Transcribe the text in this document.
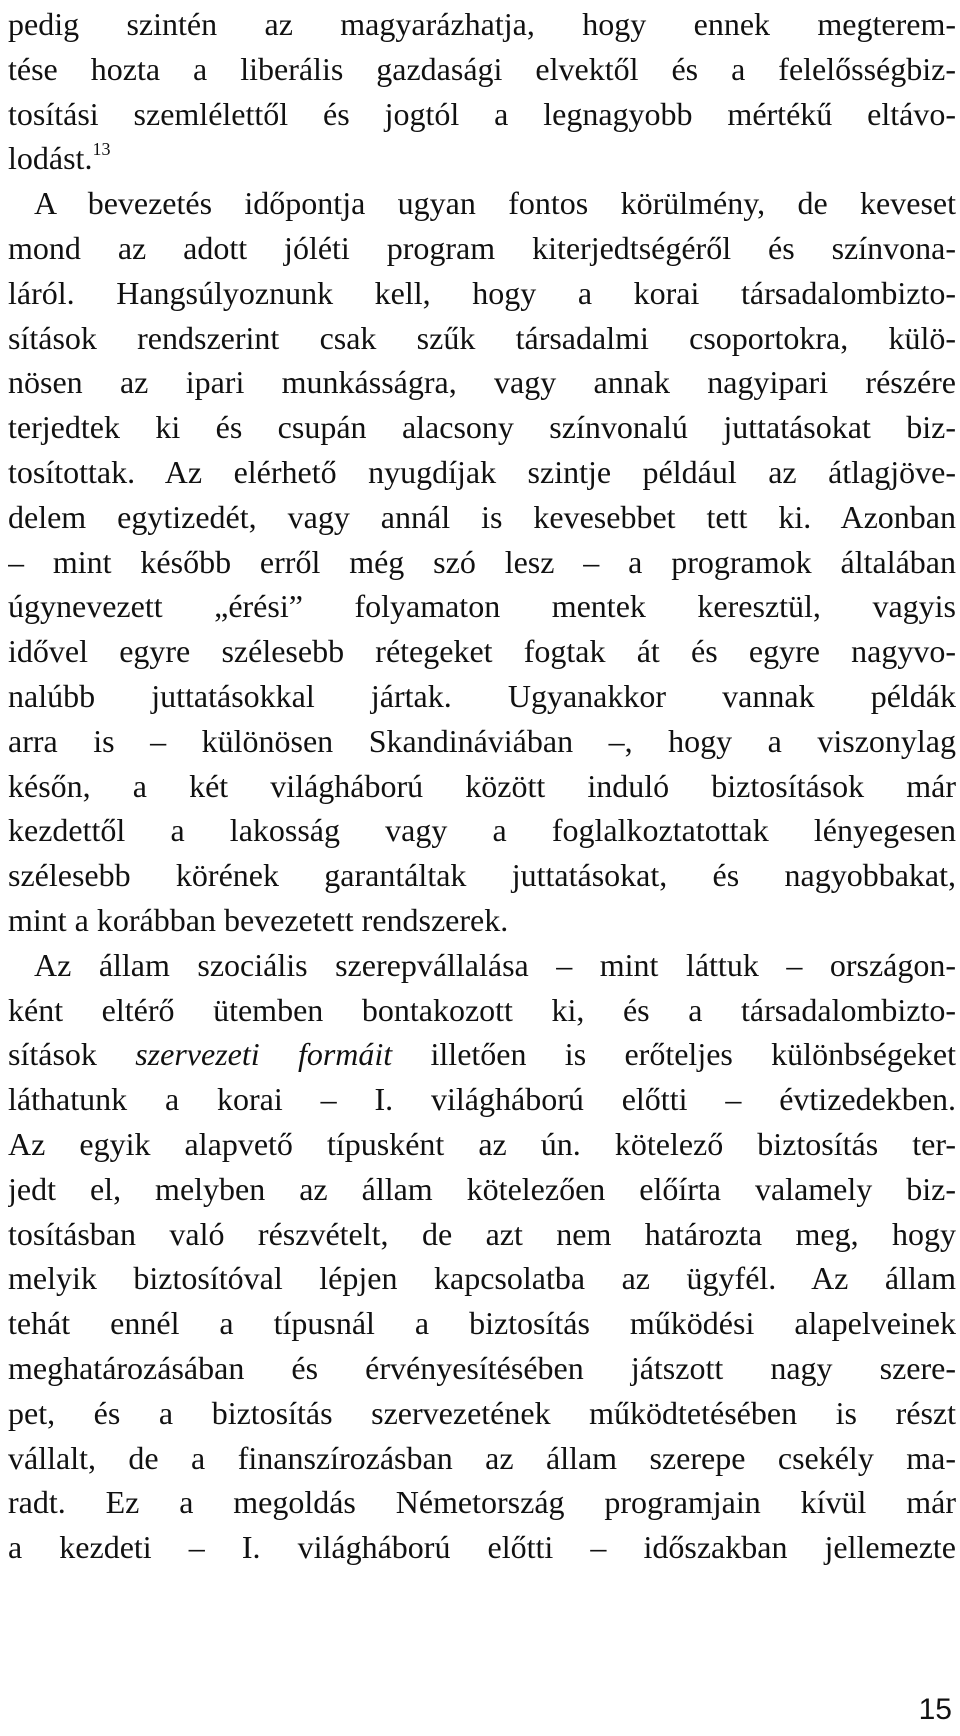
pedig szintén az magyarázhatja, hogy ennek megterem-
tése hozta a liberális gazdasági elvektől és a felelősségbiz-
tosítási szemlélettől és jogtól a legnagyobb mértékű eltávo-
lodást.$^{13}$
A bevezetés időpontja ugyan fontos körülmény, de keveset
mond az adott jóléti program kiterjedtségéről és színvona-
láról. Hangsúlyoznunk kell, hogy a korai társadalombizto-
sítások rendszerint csak szűk társadalmi csoportokra, külö-
nösen az ipari munkásságra, vagy annak nagyipari részére
terjedtek ki és csupán alacsony színvonalú juttatásokat biz-
tosítottak. Az elérhető nyugdíjak szintje például az átlagjöve-
delem egytizedét, vagy annál is kevesebbet tett ki. Azonban
– mint később erről még szó lesz – a programok általában
úgynevezett „érési” folyamaton mentek keresztül, vagyis
idővel egyre szélesebb rétegeket fogtak át és egyre nagyvo-
nalúbb juttatásokkal jártak. Ugyanakkor vannak példák
arra is – különösen Skandináviában –, hogy a viszonylag
későn, a két világháború között induló biztosítások már
kezdettől a lakosság vagy a foglalkoztatottak lényegesen
szélesebb körének garantáltak juttatásokat, és nagyobbakat,
mint a korábban bevezetett rendszerek.
Az állam szociális szerepvállalása – mint láttuk – országon-
ként eltérő ütemben bontakozott ki, és a társadalombizto-
sítások szervezeti formáit illetően is erőteljes különbségeket
láthatunk a korai – I. világháború előtti – évtizedekben.
Az egyik alapvető típusként az ún. kötelező biztosítás ter-
jedt el, melyben az állam kötelezően előírta valamely biz-
tosításban való részvételt, de azt nem határozta meg, hogy
melyik biztosítóval lépjen kapcsolatba az ügyfél. Az állam
tehát ennél a típusnál a biztosítás működési alapelveinek
meghatározásában és érvényesítésében játszott nagy szere-
pet, és a biztosítás szervezetének működtetésében is részt
vállalt, de a finanszírozásban az állam szerepe csekély ma-
radt. Ez a megoldás Németország programjain kívül már
a kezdeti – I. világháború előtti – időszakban jellemezte
15
